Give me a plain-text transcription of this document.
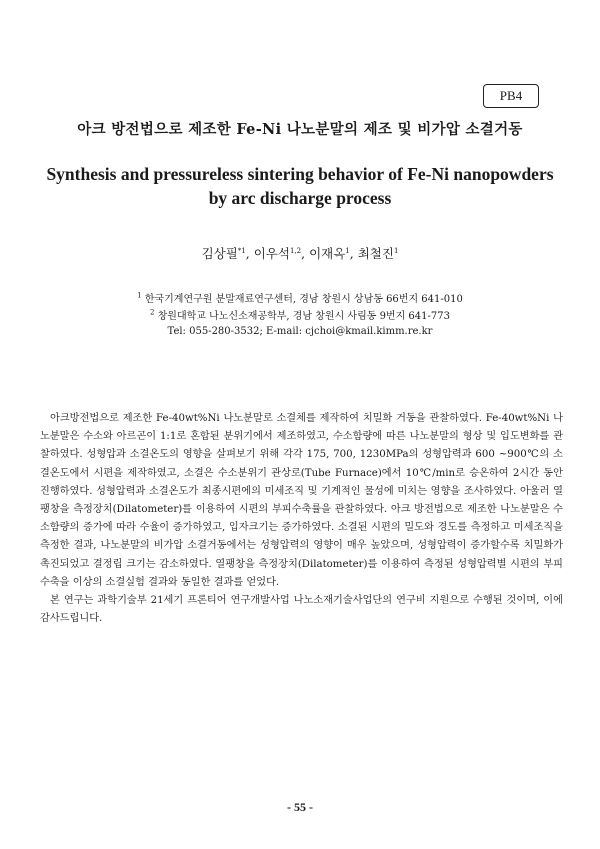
PB4
아크 방전법으로 제조한 Fe-Ni 나노분말의 제조 및 비가압 소결거동
Synthesis and pressureless sintering behavior of Fe-Ni nanopowders
by arc discharge process
김상필$^{*1}$, 이우석$^{1,2}$, 이재옥$^1$, 최철진$^1$
$^1$ 한국기계연구원 분말재료연구센터, 경남 창원시 상남동 66번지 641-010
$^2$ 창원대학교 나노신소재공학부, 경남 창원시 사림동 9번지 641-773
Tel: 055-280-3532; E-mail: cjchoi@kmail.kimm.re.kr

아크방전법으로 제조한 Fe-40wt%Ni 나노분말로 소결체를 제작하여 치밀화 거동을 관찰하였다. Fe-40wt%Ni 나노분말은 수소와 아르곤이 1:1로 혼합된 분위기에서 제조하였고, 수소함량에 따른 나노분말의 형상 및 입도변화를 관찰하였다. 성형압과 소결온도의 영향을 살펴보기 위해 각각 175, 700, 1230MPa의 성형압력과 600 ~900℃의 소결온도에서 시편을 제작하였고, 소결은 수소분위기 관상로(Tube Furnace)에서 10℃/min로 승온하여 2시간 동안 진행하였다. 성형압력과 소결온도가 최종시편에의 미세조직 및 기계적인 물성에 미치는 영향을 조사하였다. 아울러 열팽창을 측정장치(Dilatometer)를 이용하여 시편의 부피수축률을 관찰하였다. 아크 방전법으로 제조한 나노분말은 수소함량의 증가에 따라 수율이 증가하였고, 입자크기는 증가하였다. 소결된 시편의 밀도와 경도를 측정하고 미세조직을 측정한 결과, 나노분말의 비가압 소결거동에서는 성형압력의 영향이 매우 높았으며, 성형압력이 증가할수록 치밀화가 촉진되었고 결정립 크기는 감소하였다. 열팽창을 측정장치(Dilatometer)를 이용하여 측정된 성형압력별 시편의 부피수축을 이상의 소결실험 결과와 동일한 결과를 얻었다.

본 연구는 과학기술부 21세기 프론티어 연구개발사업 나노소재기술사업단의 연구비 지원으로 수행된 것이며, 이에 감사드립니다.

- 55 -
